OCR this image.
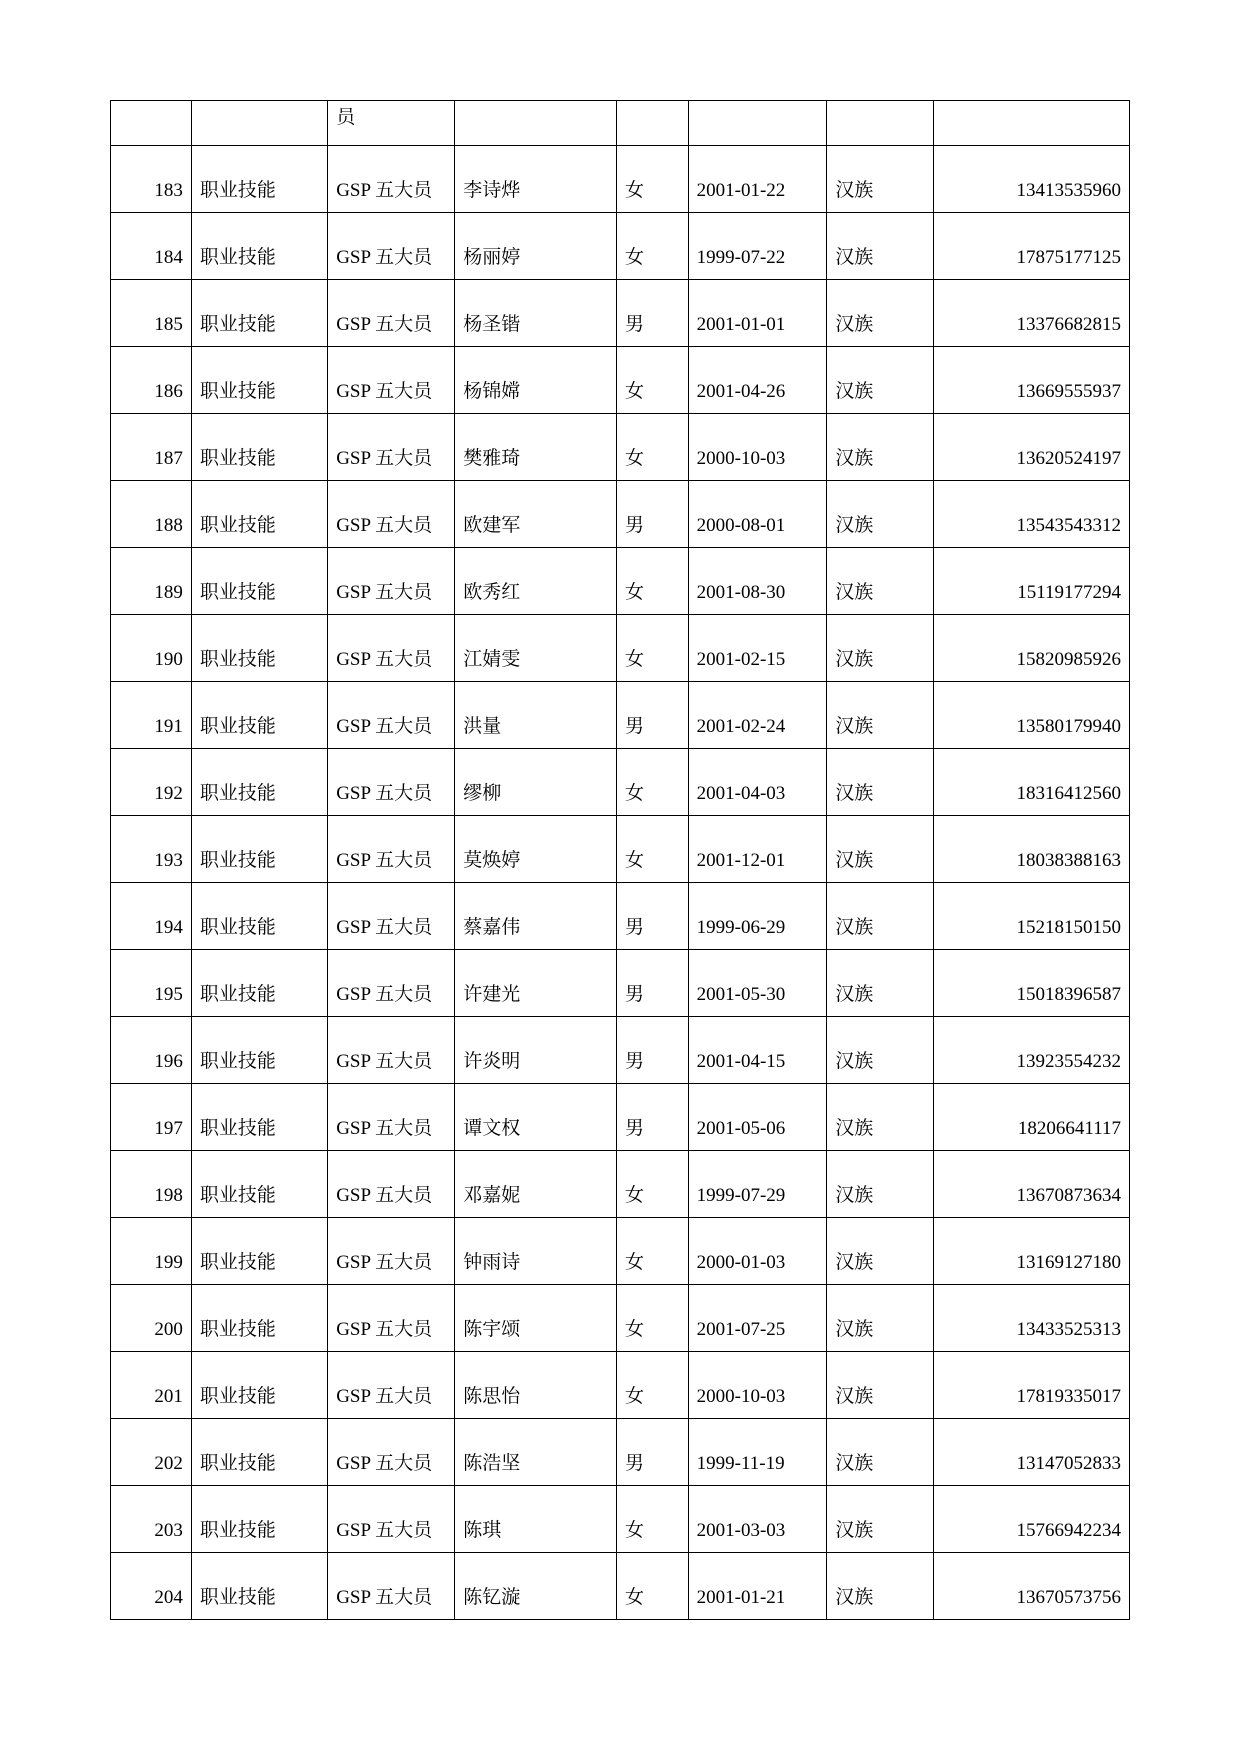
		员					
183	职业技能	GSP 五大员	李诗烨	女	2001-01-22	汉族	13413535960
184	职业技能	GSP 五大员	杨丽婷	女	1999-07-22	汉族	17875177125
185	职业技能	GSP 五大员	杨圣锴	男	2001-01-01	汉族	13376682815
186	职业技能	GSP 五大员	杨锦嫦	女	2001-04-26	汉族	13669555937
187	职业技能	GSP 五大员	樊雅琦	女	2000-10-03	汉族	13620524197
188	职业技能	GSP 五大员	欧建军	男	2000-08-01	汉族	13543543312
189	职业技能	GSP 五大员	欧秀红	女	2001-08-30	汉族	15119177294
190	职业技能	GSP 五大员	江婧雯	女	2001-02-15	汉族	15820985926
191	职业技能	GSP 五大员	洪量	男	2001-02-24	汉族	13580179940
192	职业技能	GSP 五大员	缪柳	女	2001-04-03	汉族	18316412560
193	职业技能	GSP 五大员	莫焕婷	女	2001-12-01	汉族	18038388163
194	职业技能	GSP 五大员	蔡嘉伟	男	1999-06-29	汉族	15218150150
195	职业技能	GSP 五大员	许建光	男	2001-05-30	汉族	15018396587
196	职业技能	GSP 五大员	许炎明	男	2001-04-15	汉族	13923554232
197	职业技能	GSP 五大员	谭文权	男	2001-05-06	汉族	18206641117
198	职业技能	GSP 五大员	邓嘉妮	女	1999-07-29	汉族	13670873634
199	职业技能	GSP 五大员	钟雨诗	女	2000-01-03	汉族	13169127180
200	职业技能	GSP 五大员	陈宇颂	女	2001-07-25	汉族	13433525313
201	职业技能	GSP 五大员	陈思怡	女	2000-10-03	汉族	17819335017
202	职业技能	GSP 五大员	陈浩坚	男	1999-11-19	汉族	13147052833
203	职业技能	GSP 五大员	陈琪	女	2001-03-03	汉族	15766942234
204	职业技能	GSP 五大员	陈钇漩	女	2001-01-21	汉族	13670573756
